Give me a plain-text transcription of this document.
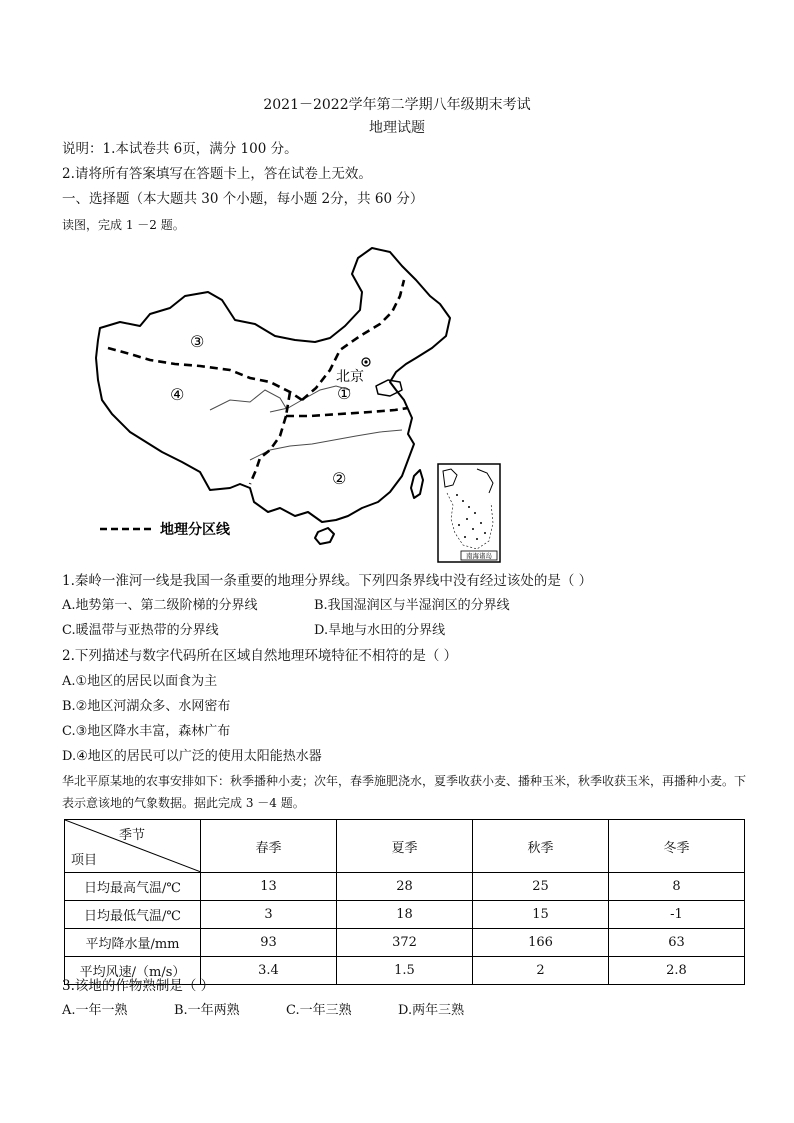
2021－2022学年第二学期八年级期末考试
地理试题
说明：1.本试卷共 6页，满分 100 分。
2.请将所有答案填写在答题卡上，答在试卷上无效。
一、选择题（本大题共 30 个小题，每小题 2分，共 60 分）
读图，完成 1 －2 题。
③
④	①
②
北京
地理分区线
南海诸岛
1.秦岭一淮河一线是我国一条重要的地理分界线。下列四条界线中没有经过该处的是（ ）
A.地势第一、第二级阶梯的分界线	B.我国湿润区与半湿润区的分界线
C.暖温带与亚热带的分界线	D.旱地与水田的分界线
2.下列描述与数字代码所在区域自然地理环境特征不相符的是（ ）
A.①地区的居民以面食为主
B.②地区河湖众多、水网密布
C.③地区降水丰富，森林广布
D.④地区的居民可以广泛的使用太阳能热水器
华北平原某地的农事安排如下：秋季播种小麦；次年，春季施肥浇水，夏季收获小麦、播种玉米，秋季收获玉米，再播种小麦。下表示意该地的气象数据。据此完成 3 －4 题。
季节
项目	春季	夏季	秋季	冬季
日均最高气温/℃	13	28	25	8
日均最低气温/℃	3	18	15	-1
平均降水量/mm	93	372	166	63
平均风速/（m/s）	3.4	1.5	2	2.8
3.该地的作物熟制是（ ）
A.一年一熟	B.一年两熟	C.一年三熟	D.两年三熟
